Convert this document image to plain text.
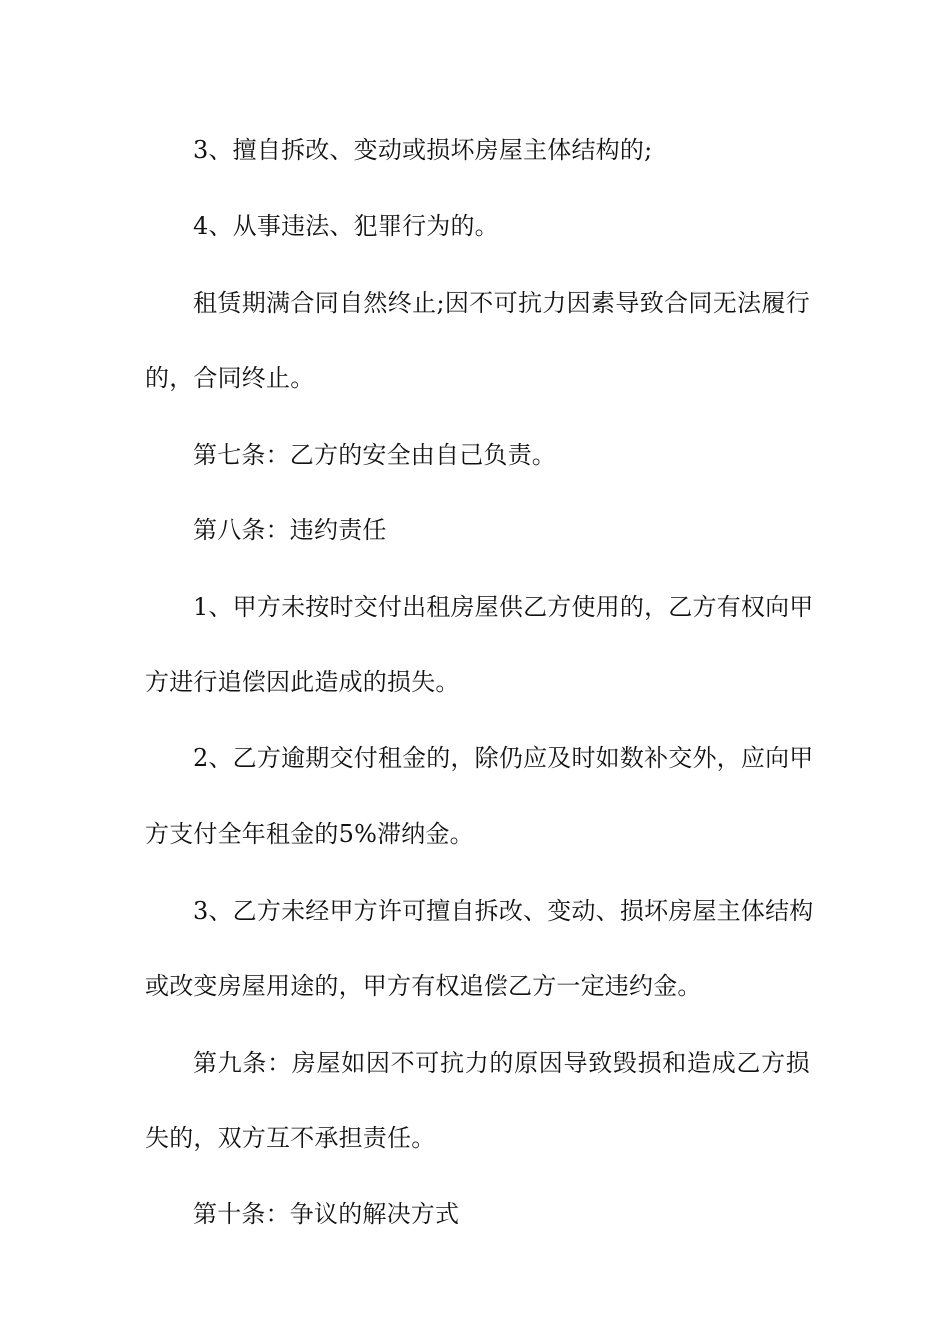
3、擅自拆改、变动或损坏房屋主体结构的;
4、从事违法、犯罪行为的。
租赁期满合同自然终止;因不可抗力因素导致合同无法履行
的，合同终止。
第七条：乙方的安全由自己负责。
第八条：违约责任
1、甲方未按时交付出租房屋供乙方使用的，乙方有权向甲
方进行追偿因此造成的损失。
2、乙方逾期交付租金的，除仍应及时如数补交外，应向甲
方支付全年租金的5%滞纳金。
3、乙方未经甲方许可擅自拆改、变动、损坏房屋主体结构
或改变房屋用途的，甲方有权追偿乙方一定违约金。
第九条：房屋如因不可抗力的原因导致毁损和造成乙方损
失的，双方互不承担责任。
第十条：争议的解决方式
